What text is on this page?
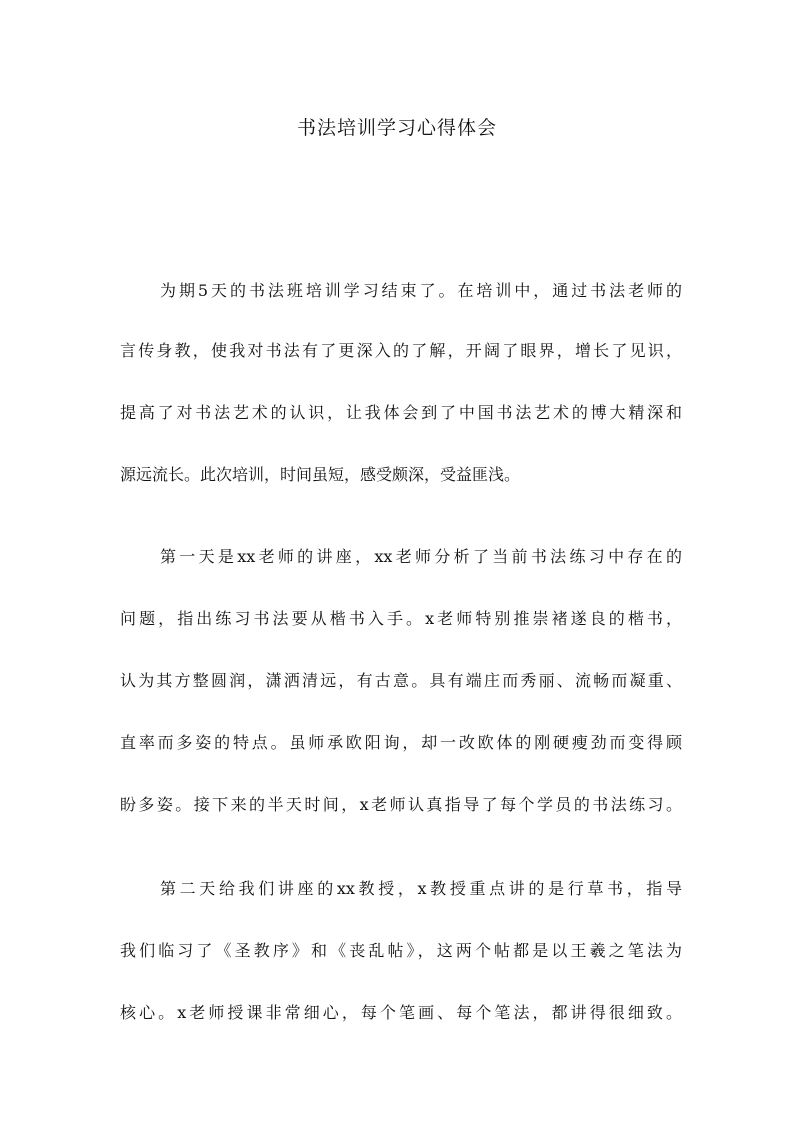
书法培训学习心得体会

为期5天的书法班培训学习结束了。在培训中，通过书法老师的

言传身教，使我对书法有了更深入的了解，开阔了眼界，增长了见识，

提高了对书法艺术的认识，让我体会到了中国书法艺术的博大精深和

源远流长。此次培训，时间虽短，感受颇深，受益匪浅。

第一天是xx老师的讲座，xx老师分析了当前书法练习中存在的

问题，指出练习书法要从楷书入手。x老师特别推崇褚遂良的楷书，

认为其方整圆润，潇洒清远，有古意。具有端庄而秀丽、流畅而凝重、

直率而多姿的特点。虽师承欧阳询，却一改欧体的刚硬瘦劲而变得顾

盼多姿。接下来的半天时间，x老师认真指导了每个学员的书法练习。

第二天给我们讲座的xx教授，x教授重点讲的是行草书，指导

我们临习了《圣教序》和《丧乱帖》，这两个帖都是以王羲之笔法为

核心。x老师授课非常细心，每个笔画、每个笔法，都讲得很细致。
